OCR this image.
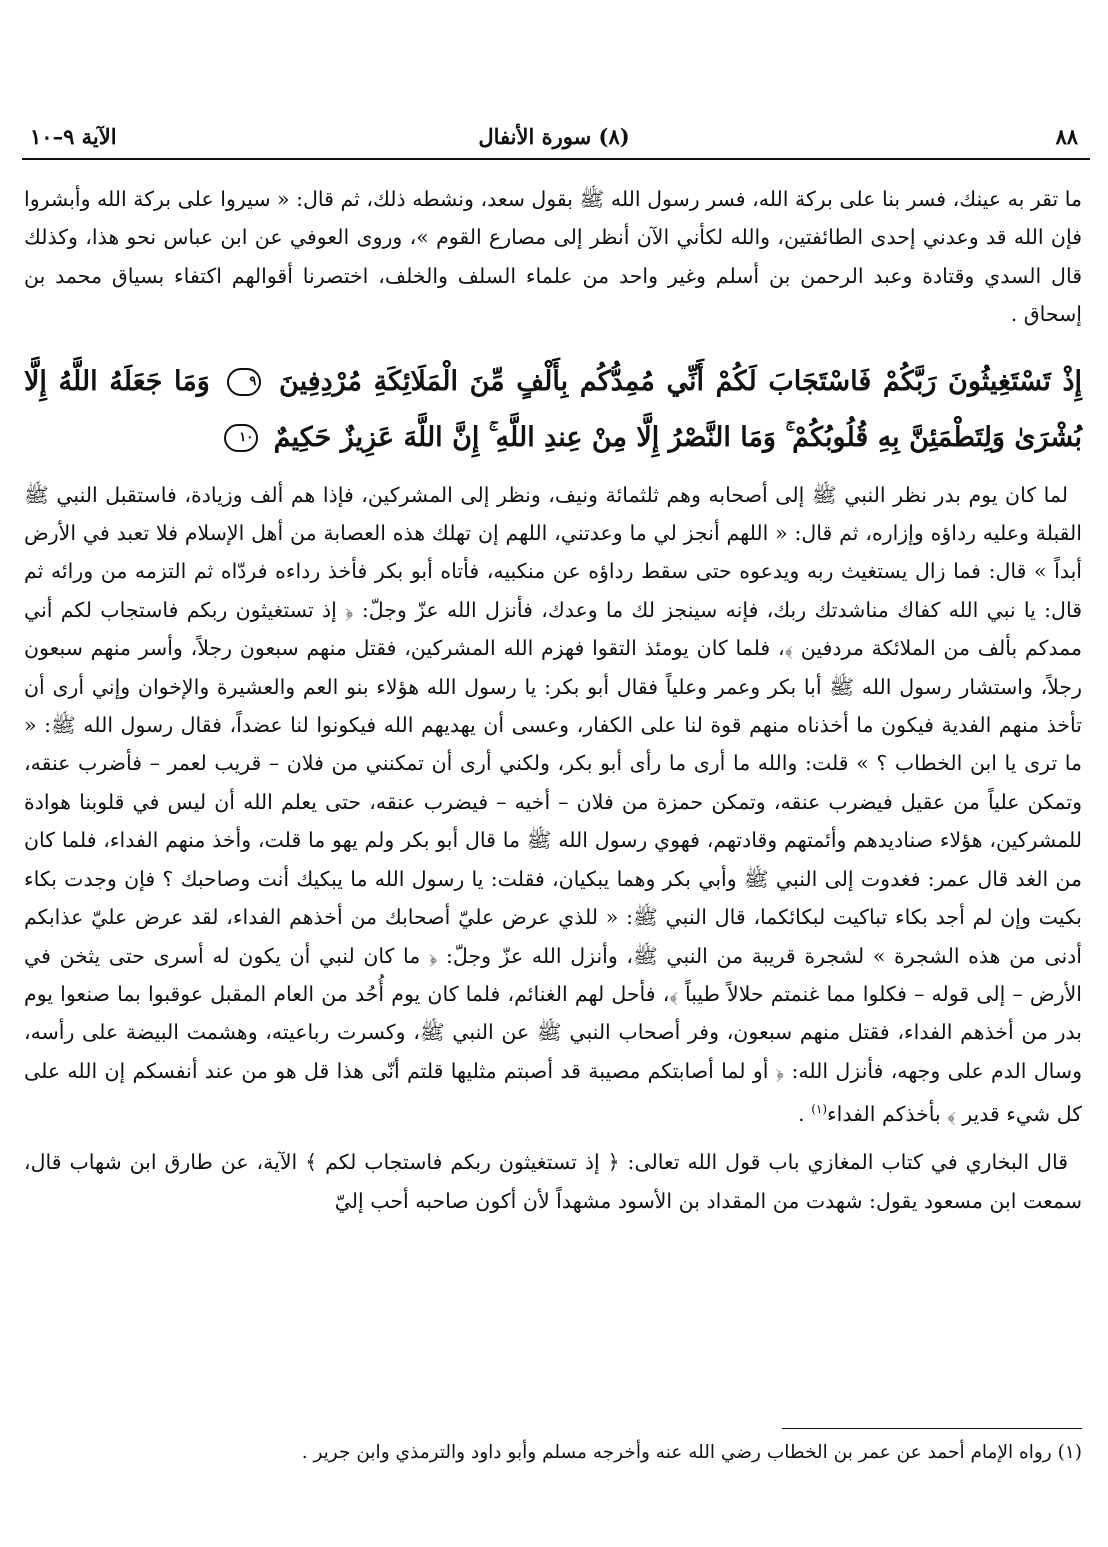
٨٨
(٨) سورة الأنفال
الآية ٩–١٠

ما تقر به عينك، فسر بنا على بركة الله، فسر رسول الله ﷺ بقول سعد، ونشطه ذلك، ثم قال: « سيروا على بركة الله وأبشروا فإن الله قد وعدني إحدى الطائفتين، والله لكأني الآن أنظر إلى مصارع القوم »، وروى العوفي عن ابن عباس نحو هذا، وكذلك قال السدي وقتادة وعبد الرحمن بن أسلم وغير واحد من علماء السلف والخلف، اختصرنا أقوالهم اكتفاء بسياق محمد بن إسحاق .

إِذْ تَسْتَغِيثُونَ رَبَّكُمْ فَاسْتَجَابَ لَكُمْ أَنِّي مُمِدُّكُم بِأَلْفٍ مِّنَ الْمَلَائِكَةِ مُرْدِفِينَ ٩ وَمَا جَعَلَهُ اللَّهُ إِلَّا بُشْرَىٰ وَلِتَطْمَئِنَّ بِهِ قُلُوبُكُمْ ۚ وَمَا النَّصْرُ إِلَّا مِنْ عِندِ اللَّهِ ۚ إِنَّ اللَّهَ عَزِيزٌ حَكِيمٌ ١٠

لما كان يوم بدر نظر النبي ﷺ إلى أصحابه وهم ثلثمائة ونيف، ونظر إلى المشركين، فإذا هم ألف وزيادة، فاستقبل النبي ﷺ القبلة وعليه رداؤه وإزاره، ثم قال: « اللهم أنجز لي ما وعدتني، اللهم إن تهلك هذه العصابة من أهل الإسلام فلا تعبد في الأرض أبداً » قال: فما زال يستغيث ربه ويدعوه حتى سقط رداؤه عن منكبيه، فأتاه أبو بكر فأخذ رداءه فردّاه ثم التزمه من ورائه ثم قال: يا نبي الله كفاك مناشدتك ربك، فإنه سينجز لك ما وعدك، فأنزل الله عزّ وجلّ: ﴿ إذ تستغيثون ربكم فاستجاب لكم أني ممدكم بألف من الملائكة مردفين ﴾، فلما كان يومئذ التقوا فهزم الله المشركين، فقتل منهم سبعون رجلاً، وأسر منهم سبعون رجلاً، واستشار رسول الله ﷺ أبا بكر وعمر وعلياً فقال أبو بكر: يا رسول الله هؤلاء بنو العم والعشيرة والإخوان وإني أرى أن تأخذ منهم الفدية فيكون ما أخذناه منهم قوة لنا على الكفار، وعسى أن يهديهم الله فيكونوا لنا عضداً، فقال رسول الله ﷺ: « ما ترى يا ابن الخطاب ؟ » قلت: والله ما أرى ما رأى أبو بكر، ولكني أرى أن تمكنني من فلان – قريب لعمر – فأضرب عنقه، وتمكن علياً من عقيل فيضرب عنقه، وتمكن حمزة من فلان – أخيه – فيضرب عنقه، حتى يعلم الله أن ليس في قلوبنا هوادة للمشركين، هؤلاء صناديدهم وأئمتهم وقادتهم، فهوي رسول الله ﷺ ما قال أبو بكر ولم يهو ما قلت، وأخذ منهم الفداء، فلما كان من الغد قال عمر: فغدوت إلى النبي ﷺ وأبي بكر وهما يبكيان، فقلت: يا رسول الله ما يبكيك أنت وصاحبك ؟ فإن وجدت بكاء بكيت وإن لم أجد بكاء تباكيت لبكائكما، قال النبي ﷺ: « للذي عرض عليّ أصحابك من أخذهم الفداء، لقد عرض عليّ عذابكم أدنى من هذه الشجرة » لشجرة قريبة من النبي ﷺ، وأنزل الله عزّ وجلّ: ﴿ ما كان لنبي أن يكون له أسرى حتى يثخن في الأرض – إلى قوله – فكلوا مما غنمتم حلالاً طيباً ﴾، فأحل لهم الغنائم، فلما كان يوم أُحُد من العام المقبل عوقبوا بما صنعوا يوم بدر من أخذهم الفداء، فقتل منهم سبعون، وفر أصحاب النبي ﷺ عن النبي ﷺ، وكسرت رباعيته، وهشمت البيضة على رأسه، وسال الدم على وجهه، فأنزل الله: ﴿ أو لما أصابتكم مصيبة قد أصبتم مثليها قلتم أنّى هذا قل هو من عند أنفسكم إن الله على كل شيء قدير ﴾ بأخذكم الفداء$^{(١)}$ .

قال البخاري في كتاب المغازي باب قول الله تعالى: ﴿ إذ تستغيثون ربكم فاستجاب لكم ﴾ الآية، عن طارق ابن شهاب قال، سمعت ابن مسعود يقول: شهدت من المقداد بن الأسود مشهداً لأن أكون صاحبه أحب إليّ

(١) رواه الإمام أحمد عن عمر بن الخطاب رضي الله عنه وأخرجه مسلم وأبو داود والترمذي وابن جرير .
